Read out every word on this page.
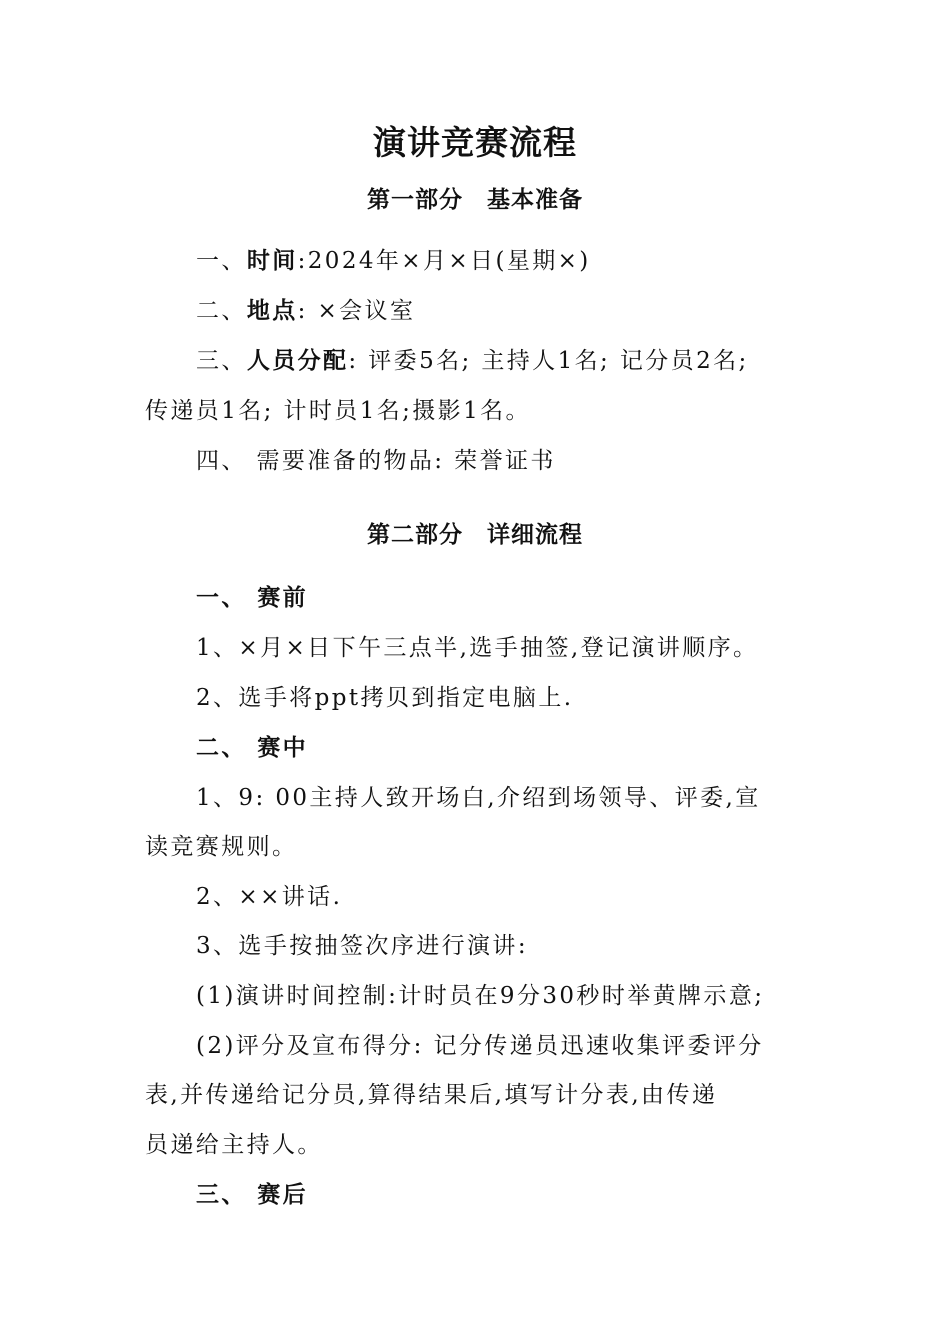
演讲竞赛流程
第一部分 基本准备
一、时间:2024年×月×日(星期×)
二、地点: ×会议室
三、人员分配: 评委5名; 主持人1名; 记分员2名;
传递员1名; 计时员1名;摄影1名。
四、 需要准备的物品: 荣誉证书
第二部分 详细流程
一、 赛前
1、×月×日下午三点半,选手抽签,登记演讲顺序。
2、选手将ppt拷贝到指定电脑上.
二、 赛中
1、9: 00主持人致开场白,介绍到场领导、评委,宣
读竞赛规则。
2、××讲话.
3、选手按抽签次序进行演讲:
(1)演讲时间控制:计时员在9分30秒时举黄牌示意;
(2)评分及宣布得分: 记分传递员迅速收集评委评分
表,并传递给记分员,算得结果后,填写计分表,由传递
员递给主持人。
三、 赛后
